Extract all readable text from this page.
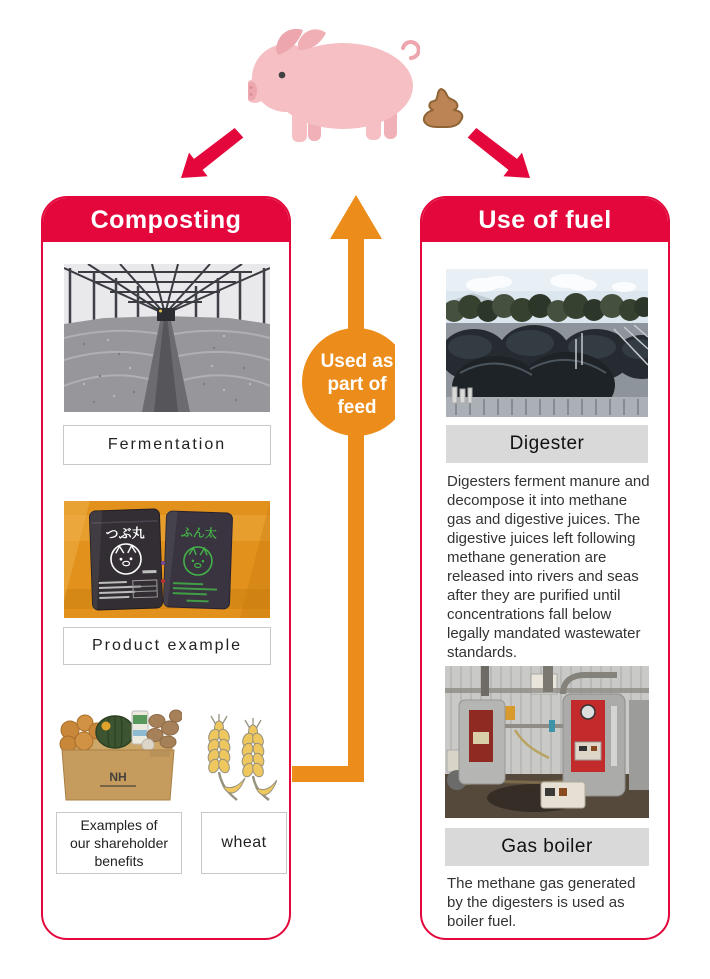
Used as
part of
feed
Composting
Fermentation
つぶ丸	ふん太
Product example
NH
Examples of
our shareholder
benefits
wheat
Use of fuel
Digester
Digesters ferment manure and decompose it into methane gas and digestive juices. The digestive juices left following methane generation are released into rivers and seas after they are purified until concentrations fall below legally mandated wastewater standards.
Gas boiler
The methane gas generated by the digesters is used as boiler fuel.
